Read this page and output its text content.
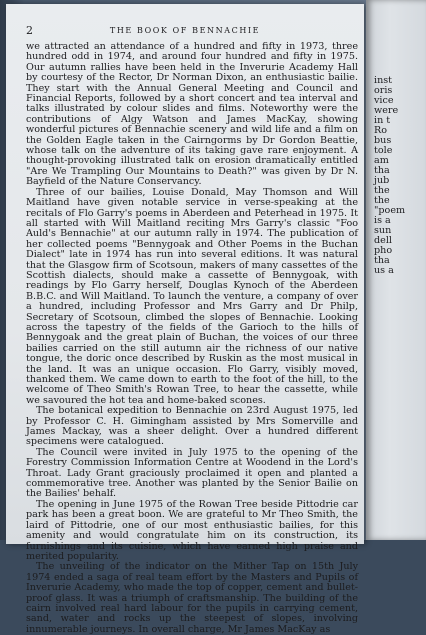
2	THE BOOK OF BENNACHIE

we attracted an attendance of a hundred and fifty in 1973, three hundred odd in 1974, and around four hundred and fifty in 1975. Our autumn rallies have been held in the Inverurie Academy Hall by courtesy of the Rector, Dr Norman Dixon, an enthusiastic bailie. They start with the Annual General Meeting and Council and Financial Reports, followed by a short concert and tea interval and talks illustrated by colour slides and films. Noteworthy were the contributions of Algy Watson and James MacKay, showing wonderful pictures of Bennachie scenery and wild life and a film on the Golden Eagle taken in the Cairngorms by Dr Gordon Beattie, whose talk on the adventure of its taking gave rare enjoyment. A thought-provoking illustrated talk on erosion dramatically entitled "Are We Trampling Our Mountains to Death?" was given by Dr N. Bayfield of the Nature Conservancy.

Three of our bailies, Louise Donald, May Thomson and Will Maitland have given notable service in verse-speaking at the recitals of Flo Garry's poems in Aberdeen and Peterhead in 1975. It all started with Will Maitland reciting Mrs Garry's classic "Foo Auld's Bennachie" at our autumn rally in 1974. The publication of her collected poems "Bennygoak and Other Poems in the Buchan Dialect" late in 1974 has run into several editions. It was natural that the Glasgow firm of Scotsoun, makers of many cassettes of the Scottish dialects, should make a cassette of Bennygoak, with readings by Flo Garry herself, Douglas Kynoch of the Aberdeen B.B.C. and Will Maitland. To launch the venture, a company of over a hundred, including Professor and Mrs Garry and Dr Philp, Secretary of Scotsoun, climbed the slopes of Bennachie. Looking across the tapestry of the fields of the Garioch to the hills of Bennygoak and the great plain of Buchan, the voices of our three bailies carried on the still autumn air the richness of our native tongue, the doric once described by Ruskin as the most musical in the land. It was an unique occasion. Flo Garry, visibly moved, thanked them. We came down to earth to the foot of the hill, to the welcome of Theo Smith's Rowan Tree, to hear the cassette, while we savoured the hot tea and home-baked scones.

The botanical expedition to Bennachie on 23rd August 1975, led by Professor C. H. Gimingham assisted by Mrs Somerville and James Mackay, was a sheer delight. Over a hundred different specimens were catalogued.

The Council were invited in July 1975 to the opening of the Forestry Commission Information Centre at Woodend in the Lord's Throat. Lady Grant graciously proclaimed it open and planted a commemorative tree. Another was planted by the Senior Bailie on the Bailies' behalf.

The opening in June 1975 of the Rowan Tree beside Pittodrie car park has been a great boon. We are grateful to Mr Theo Smith, the laird of Pittodrie, one of our most enthusiastic bailies, for this amenity and would congratulate him on its construction, its furnishings and its cuisine, which have earned high praise and merited popularity.

The unveiling of the indicator on the Mither Tap on 15th July 1974 ended a saga of real team effort by the Masters and Pupils of Inverurie Academy, who made the top of copper, cement and bullet-proof glass. It was a triumph of craftsmanship. The building of the cairn involved real hard labour for the pupils in carrying cement, sand, water and rocks up the steepest of slopes, involving innumerable journeys. In overall charge, Mr James MacKay as

inst
oris
vice
were
in t
Ro
bus
tole
am
tha
jub
the
the
"poem
is a
sun
dell
pho
tha
us a
